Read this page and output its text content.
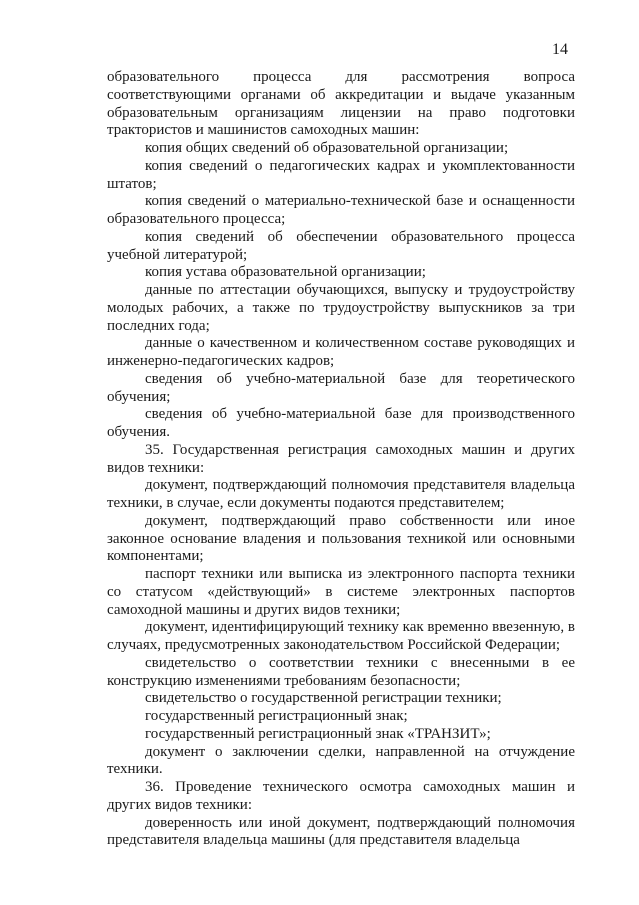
14

образовательного процесса для рассмотрения вопроса соответствующими органами об аккредитации и выдаче указанным образовательным организациям лицензии на право подготовки трактористов и машинистов самоходных машин:

копия общих сведений об образовательной организации;

копия сведений о педагогических кадрах и укомплектованности штатов;

копия сведений о материально-технической базе и оснащенности образовательного процесса;

копия сведений об обеспечении образовательного процесса учебной литературой;

копия устава образовательной организации;

данные по аттестации обучающихся, выпуску и трудоустройству молодых рабочих, а также по трудоустройству выпускников за три последних года;

данные о качественном и количественном составе руководящих и инженерно-педагогических кадров;

сведения об учебно-материальной базе для теоретического обучения;

сведения об учебно-материальной базе для производственного обучения.

35. Государственная регистрация самоходных машин и других видов техники:

документ, подтверждающий полномочия представителя владельца техники, в случае, если документы подаются представителем;

документ, подтверждающий право собственности или иное законное основание владения и пользования техникой или основными компонентами;

паспорт техники или выписка из электронного паспорта техники со статусом «действующий» в системе электронных паспортов самоходной машины и других видов техники;

документ, идентифицирующий технику как временно ввезенную, в случаях, предусмотренных законодательством Российской Федерации;

свидетельство о соответствии техники с внесенными в ее конструкцию изменениями требованиям безопасности;

свидетельство о государственной регистрации техники;

государственный регистрационный знак;

государственный регистрационный знак «ТРАНЗИТ»;

документ о заключении сделки, направленной на отчуждение техники.

36. Проведение технического осмотра самоходных машин и других видов техники:

доверенность или иной документ, подтверждающий полномочия представителя владельца машины (для представителя владельца
